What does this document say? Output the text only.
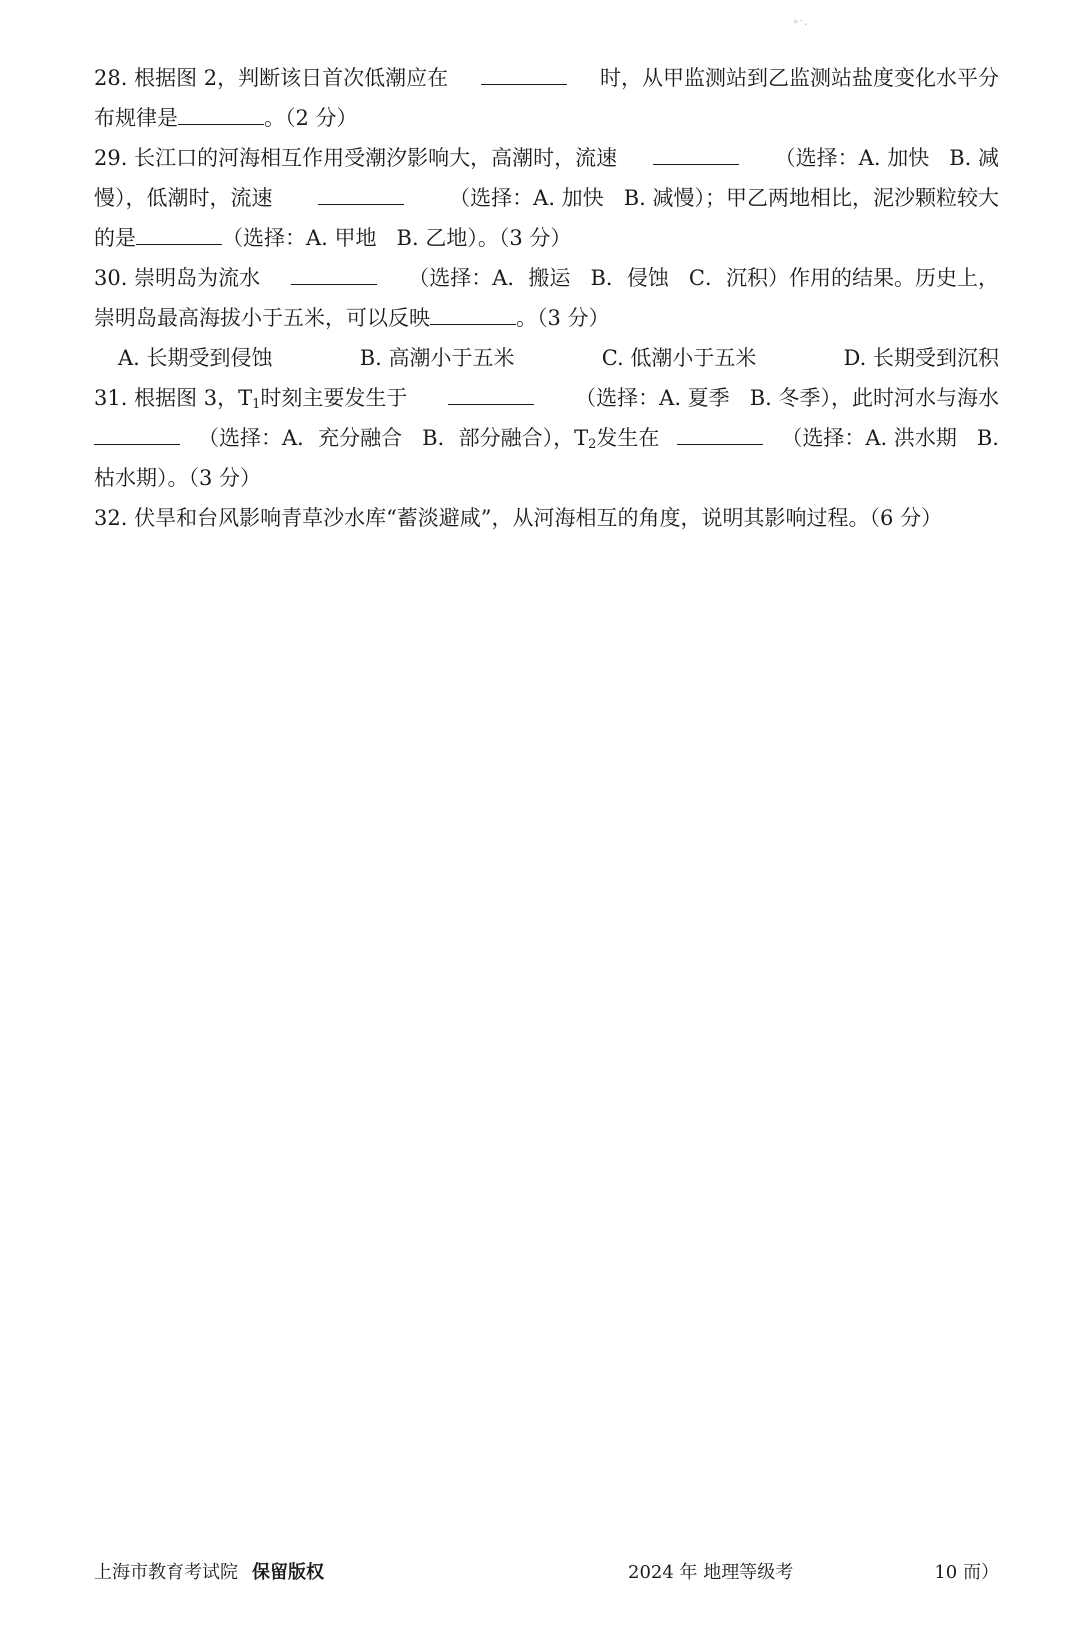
°˙·
28. 根据图 2，判断该日首次低潮应在	时，从甲监测站到乙监测站盐度变化水平分
布规律是	。（2 分）
29. 长江口的河海相互作用受潮汐影响大，高潮时，流速	（选择：A. 加快   B. 减
慢），低潮时，流速	（选择：A. 加快   B. 减慢）；甲乙两地相比，泥沙颗粒较大
的是	（选择：A. 甲地   B. 乙地）。（3 分）
30. 崇明岛为流水	（选择：A．搬运   B．侵蚀   C．沉积）作用的结果。历史上，
崇明岛最高海拔小于五米，可以反映	。（3 分）
A. 长期受到侵蚀	B. 高潮小于五米	C. 低潮小于五米	D. 长期受到沉积
31. 根据图 3，$T_1$时刻主要发生于	（选择：A. 夏季   B. 冬季），此时河水与海水
（选择：A．充分融合   B．部分融合），$T_2$发生在	（选择：A. 洪水期   B.
枯水期）。（3 分）
32. 伏旱和台风影响青草沙水库“蓄淡避咸”，从河海相互的角度，说明其影响过程。（6 分）
上海市教育考试院 保留版权	2024 年 地理等级考	10 而）
